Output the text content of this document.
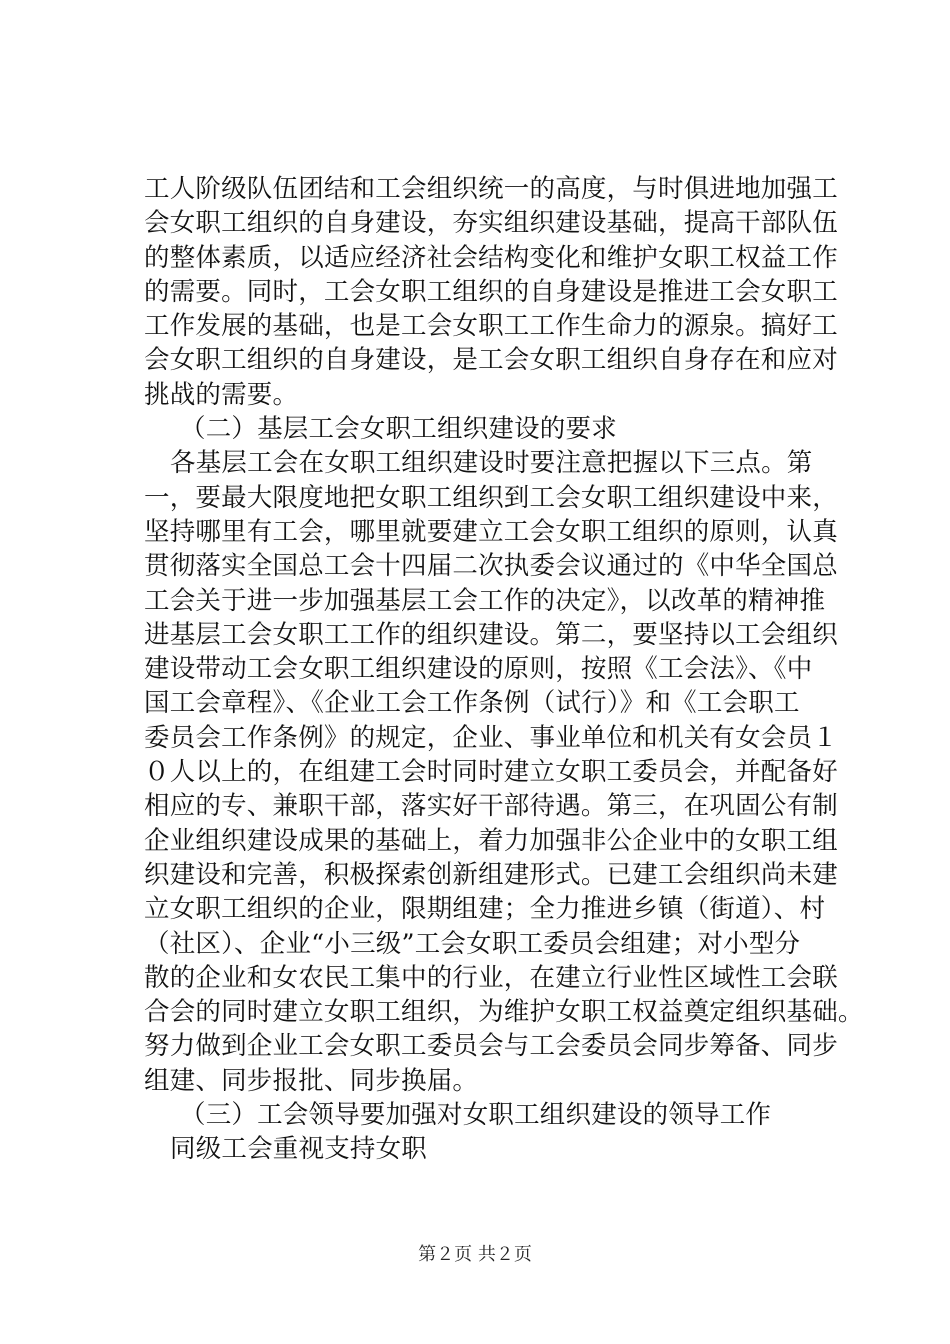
工人阶级队伍团结和工会组织统一的高度，与时俱进地加强工
会女职工组织的自身建设，夯实组织建设基础，提高干部队伍
的整体素质，以适应经济社会结构变化和维护女职工权益工作
的需要。同时，工会女职工组织的自身建设是推进工会女职工
工作发展的基础，也是工会女职工工作生命力的源泉。搞好工
会女职工组织的自身建设，是工会女职工组织自身存在和应对
挑战的需要。
（二）基层工会女职工组织建设的要求
各基层工会在女职工组织建设时要注意把握以下三点。第
一，要最大限度地把女职工组织到工会女职工组织建设中来，
坚持哪里有工会，哪里就要建立工会女职工组织的原则，认真
贯彻落实全国总工会十四届二次执委会议通过的《中华全国总
工会关于进一步加强基层工会工作的决定》，以改革的精神推
进基层工会女职工工作的组织建设。第二，要坚持以工会组织
建设带动工会女职工组织建设的原则，按照《工会法》、《中
国工会章程》、《企业工会工作条例（试行）》和《工会职工
委员会工作条例》的规定，企业、事业单位和机关有女会员１
０人以上的，在组建工会时同时建立女职工委员会，并配备好
相应的专、兼职干部，落实好干部待遇。第三，在巩固公有制
企业组织建设成果的基础上，着力加强非公企业中的女职工组
织建设和完善，积极探索创新组建形式。已建工会组织尚未建
立女职工组织的企业，限期组建；全力推进乡镇（街道）、村
（社区）、企业“小三级”工会女职工委员会组建；对小型分
散的企业和女农民工集中的行业，在建立行业性区域性工会联
合会的同时建立女职工组织，为维护女职工权益奠定组织基础。
努力做到企业工会女职工委员会与工会委员会同步筹备、同步
组建、同步报批、同步换届。
（三）工会领导要加强对女职工组织建设的领导工作
同级工会重视支持女职
第２页 共２页
